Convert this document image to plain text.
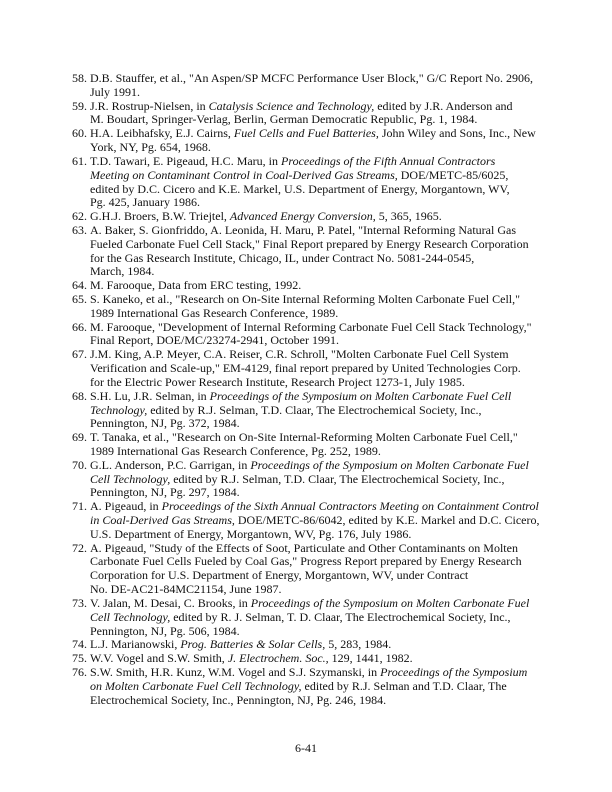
58. D.B. Stauffer, et al., "An Aspen/SP MCFC Performance User Block," G/C Report No. 2906,
July 1991.
59. J.R. Rostrup-Nielsen, in Catalysis Science and Technology, edited by J.R. Anderson and
M. Boudart, Springer-Verlag, Berlin, German Democratic Republic, Pg. 1, 1984.
60. H.A. Leibhafsky, E.J. Cairns, Fuel Cells and Fuel Batteries, John Wiley and Sons, Inc., New
York, NY, Pg. 654, 1968.
61. T.D. Tawari, E. Pigeaud, H.C. Maru, in Proceedings of the Fifth Annual Contractors
Meeting on Contaminant Control in Coal-Derived Gas Streams, DOE/METC-85/6025,
edited by D.C. Cicero and K.E. Markel, U.S. Department of Energy, Morgantown, WV,
Pg. 425, January 1986.
62. G.H.J. Broers, B.W. Triejtel, Advanced Energy Conversion, 5, 365, 1965.
63. A. Baker, S. Gionfriddo, A. Leonida, H. Maru, P. Patel, "Internal Reforming Natural Gas
Fueled Carbonate Fuel Cell Stack," Final Report prepared by Energy Research Corporation
for the Gas Research Institute, Chicago, IL, under Contract No. 5081-244-0545,
March, 1984.
64. M. Farooque, Data from ERC testing, 1992.
65. S. Kaneko, et al., "Research on On-Site Internal Reforming Molten Carbonate Fuel Cell,"
1989 International Gas Research Conference, 1989.
66. M. Farooque, "Development of Internal Reforming Carbonate Fuel Cell Stack Technology,"
Final Report, DOE/MC/23274-2941, October 1991.
67. J.M. King, A.P. Meyer, C.A. Reiser, C.R. Schroll, "Molten Carbonate Fuel Cell System
Verification and Scale-up," EM-4129, final report prepared by United Technologies Corp.
for the Electric Power Research Institute, Research Project 1273-1, July 1985.
68. S.H. Lu, J.R. Selman, in Proceedings of the Symposium on Molten Carbonate Fuel Cell
Technology, edited by R.J. Selman, T.D. Claar, The Electrochemical Society, Inc.,
Pennington, NJ, Pg. 372, 1984.
69. T. Tanaka, et al., "Research on On-Site Internal-Reforming Molten Carbonate Fuel Cell,"
1989 International Gas Research Conference, Pg. 252, 1989.
70. G.L. Anderson, P.C. Garrigan, in Proceedings of the Symposium on Molten Carbonate Fuel
Cell Technology, edited by R.J. Selman, T.D. Claar, The Electrochemical Society, Inc.,
Pennington, NJ, Pg. 297, 1984.
71. A. Pigeaud, in Proceedings of the Sixth Annual Contractors Meeting on Containment Control
in Coal-Derived Gas Streams, DOE/METC-86/6042, edited by K.E. Markel and D.C. Cicero,
U.S. Department of Energy, Morgantown, WV, Pg. 176, July 1986.
72. A. Pigeaud, "Study of the Effects of Soot, Particulate and Other Contaminants on Molten
Carbonate Fuel Cells Fueled by Coal Gas," Progress Report prepared by Energy Research
Corporation for U.S. Department of Energy, Morgantown, WV, under Contract
No. DE-AC21-84MC21154, June 1987.
73. V. Jalan, M. Desai, C. Brooks, in Proceedings of the Symposium on Molten Carbonate Fuel
Cell Technology, edited by R. J. Selman, T. D. Claar, The Electrochemical Society, Inc.,
Pennington, NJ, Pg. 506, 1984.
74. L.J. Marianowski, Prog. Batteries & Solar Cells, 5, 283, 1984.
75. W.V. Vogel and S.W. Smith, J. Electrochem. Soc., 129, 1441, 1982.
76. S.W. Smith, H.R. Kunz, W.M. Vogel and S.J. Szymanski, in Proceedings of the Symposium
on Molten Carbonate Fuel Cell Technology, edited by R.J. Selman and T.D. Claar, The
Electrochemical Society, Inc., Pennington, NJ, Pg. 246, 1984.
6-41
